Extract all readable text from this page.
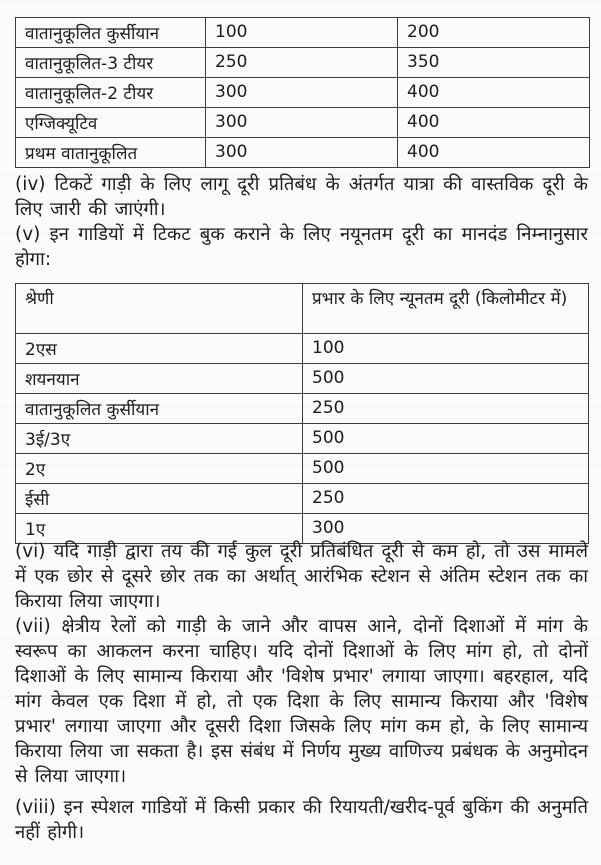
वातानुकूलित कुर्सीयान	100	200
वातानुकूलित-3 टीयर	250	350
वातानुकूलित-2 टीयर	300	400
एग्जिक्यूटिव	300	400
प्रथम वातानुकूलित	300	400

(iv) टिकटें गाड़ी के लिए लागू दूरी प्रतिबंध के अंतर्गत यात्रा की वास्तविक दूरी के लिए जारी की जाएंगी।

(v) इन गाडियों में टिकट बुक कराने के लिए नयूनतम दूरी का मानदंड निम्नानुसार होगा:

श्रेणी	प्रभार के लिए न्यूनतम दूरी (किलोमीटर में)
2एस	100
शयनयान	500
वातानुकूलित कुर्सीयान	250
3ई/3ए	500
2ए	500
ईसी	250
1ए	300

(vi) यदि गाड़ी द्वारा तय की गई कुल दूरी प्रतिबंधित दूरी से कम हो, तो उस मामले में एक छोर से दूसरे छोर तक का अर्थात् आरंभिक स्टेशन से अंतिम स्टेशन तक का किराया लिया जाएगा।

(vii) क्षेत्रीय रेलों को गाड़ी के जाने और वापस आने, दोनों दिशाओं में मांग के स्वरूप का आकलन करना चाहिए। यदि दोनों दिशाओं के लिए मांग हो, तो दोनों दिशाओं के लिए सामान्य किराया और 'विशेष प्रभार' लगाया जाएगा। बहरहाल, यदि मांग केवल एक दिशा में हो, तो एक दिशा के लिए सामान्य किराया और 'विशेष प्रभार' लगाया जाएगा और दूसरी दिशा जिसके लिए मांग कम हो, के लिए सामान्य किराया लिया जा सकता है। इस संबंध में निर्णय मुख्य वाणिज्य प्रबंधक के अनुमोदन से लिया जाएगा।

(viii) इन स्पेशल गाडियों में किसी प्रकार की रियायती/खरीद-पूर्व बुकिंग की अनुमति नहीं होगी।
